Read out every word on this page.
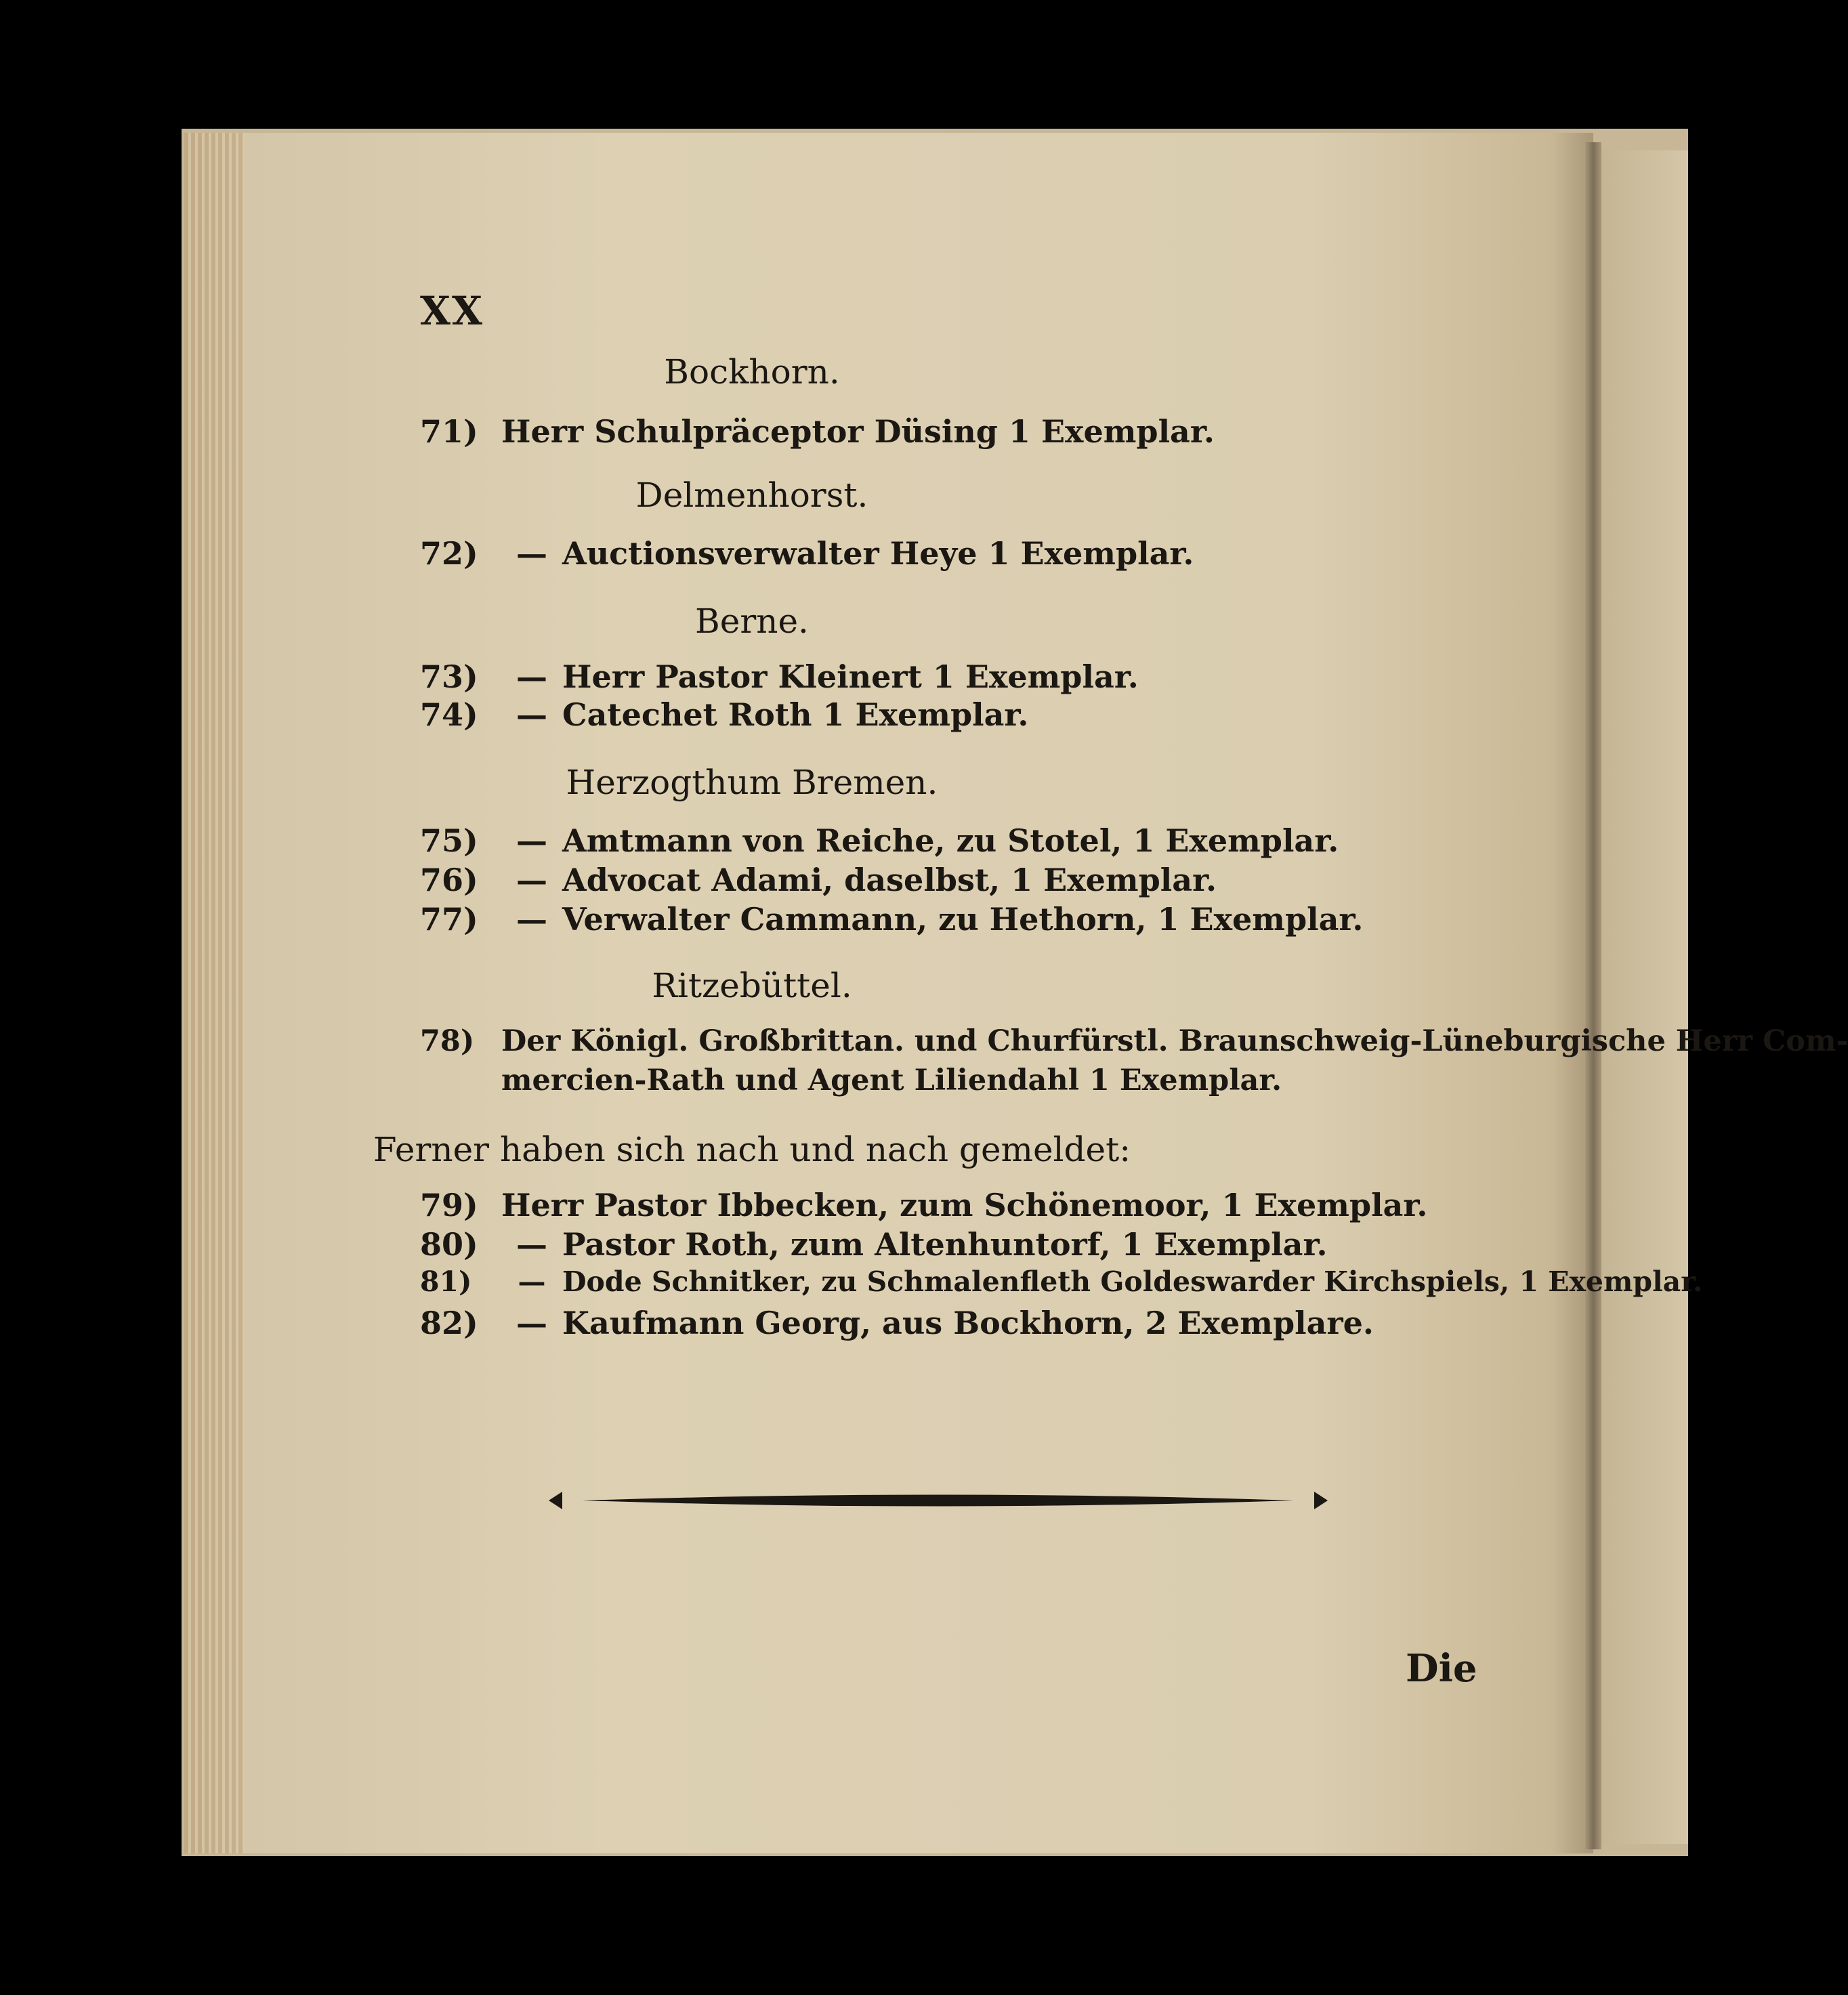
XX
Bockhorn.
71) Herr Schulpräceptor Düsing 1 Exemplar.
Delmenhorst.
72) — Auctionsverwalter Heye 1 Exemplar.
Berne.
73) — Herr Pastor Kleinert 1 Exemplar.
74) — Catechet Roth 1 Exemplar.
Herzogthum Bremen.
75) — Amtmann von Reiche, zu Stotel, 1 Exemplar.
76) — Advocat Adami, daselbst, 1 Exemplar.
77) — Verwalter Cammann, zu Hethorn, 1 Exemplar.
Ritzebüttel.
78) Der Königl. Großbrittan. und Churfürstl. Braunschweig-Lüneburgische Herr Com-
mercien-Rath und Agent Liliendahl 1 Exemplar.
Ferner haben sich nach und nach gemeldet:
79) Herr Pastor Ibbecken, zum Schönemoor, 1 Exemplar.
80) — Pastor Roth, zum Altenhuntorf, 1 Exemplar.
81) — Dode Schnitker, zu Schmalenfleth Goldeswarder Kirchspiels, 1 Exemplar.
82) — Kaufmann Georg, aus Bockhorn, 2 Exemplare.
Die
